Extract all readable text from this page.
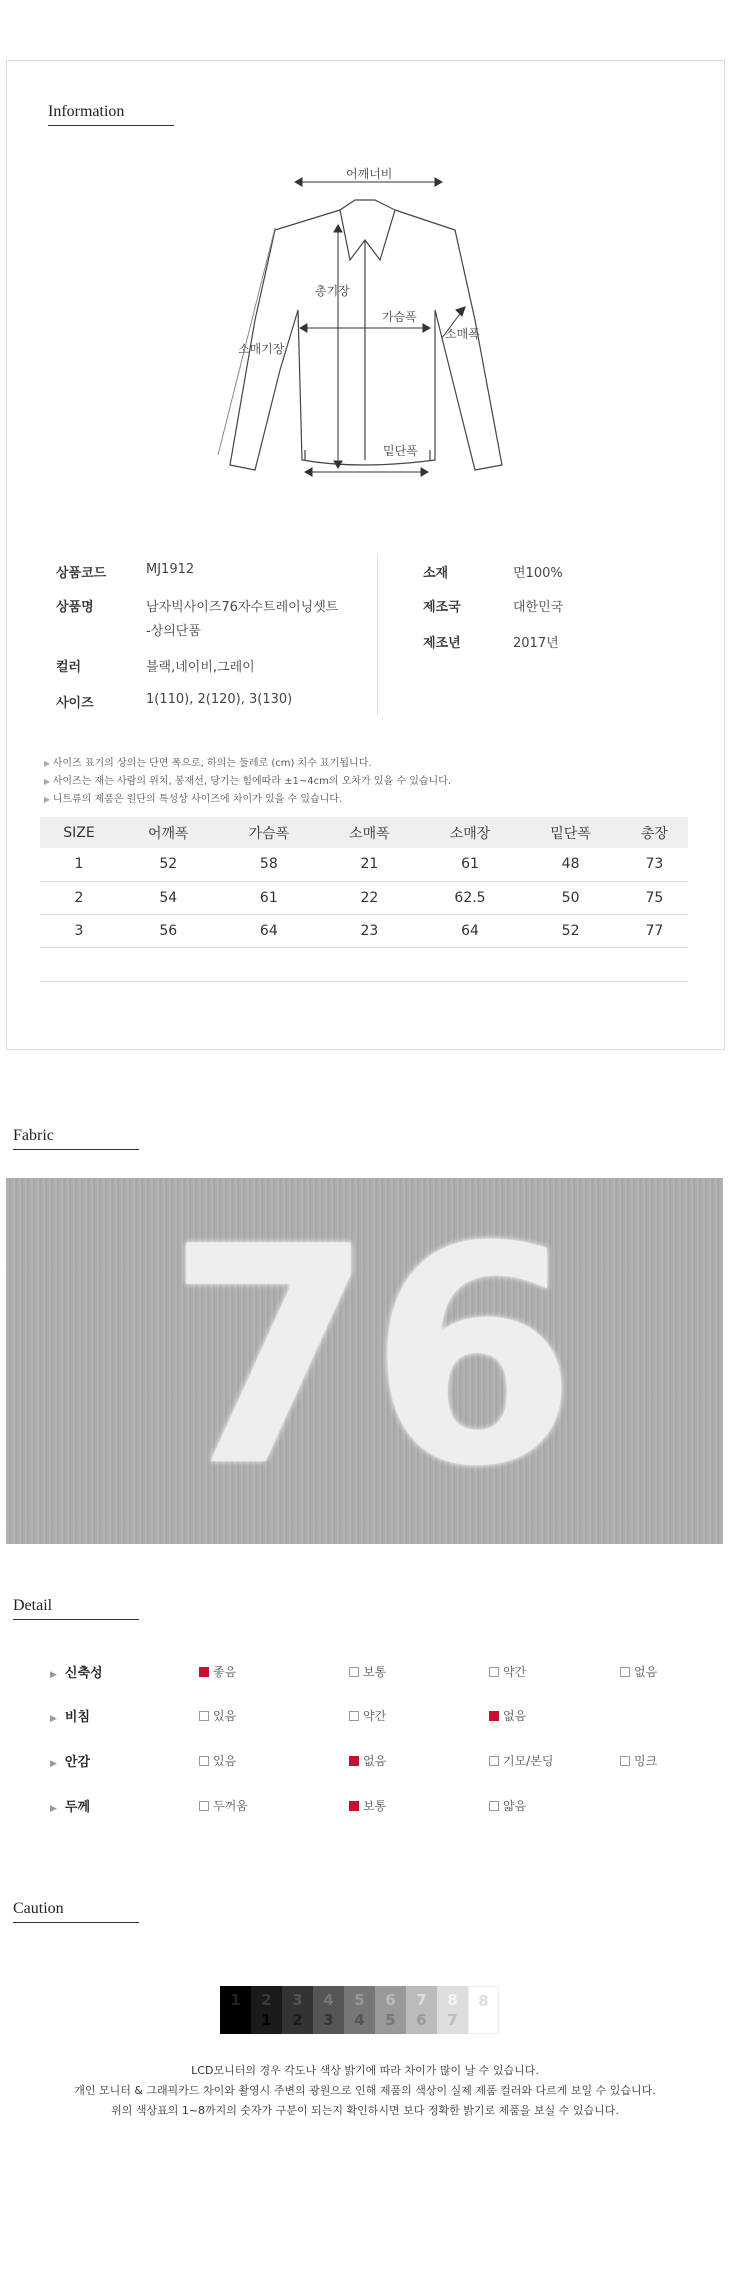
Information
어깨너비
총기장
가슴폭
소매폭
소매기장
밑단폭
상품코드	MJ1912
상품명	남자빅사이즈76자수트레이닝셋트
-상의단품
컬러	블랙,네이비,그레이
사이즈	1(110), 2(120), 3(130)
소재	면100%
제조국	대한민국
제조년	2017년
▶ 사이즈 표기의 상의는 단면 폭으로, 하의는 둘레로 (cm) 치수 표기됩니다.
▶ 사이즈는 재는 사람의 위치, 봉재선, 당기는 힘에따라 ±1~4cm의 오차가 있을 수 있습니다.
▶ 니트류의 제품은 원단의 특성상 사이즈에 차이가 있을 수 있습니다.
SIZE	어깨폭	가슴폭	소매폭	소매장	밑단폭	총장
1	52	58	21	61	48	73
2	54	61	22	62.5	50	75
3	56	64	23	64	52	77

Fabric
76
Detail
▶ 신축성	좋음	보통	약간	없음
▶ 비침	있음	약간	없음
▶ 안감	있음	없음	기모/본딩	밍크
▶ 두께	두꺼움	보통	얇음
Caution
1	2
1
3
2
4
3
5
4
6
5
7
6
8
7
8
LCD모니터의 경우 각도나 색상 밝기에 따라 차이가 많이 날 수 있습니다.
개인 모니터 & 그래픽카드 차이와 촬영시 주변의 광원으로 인해 제품의 색상이 실제 제품 컬러와 다르게 보일 수 있습니다.
위의 색상표의 1~8까지의 숫자가 구분이 되는지 확인하시면 보다 정확한 밝기로 제품을 보실 수 있습니다.
